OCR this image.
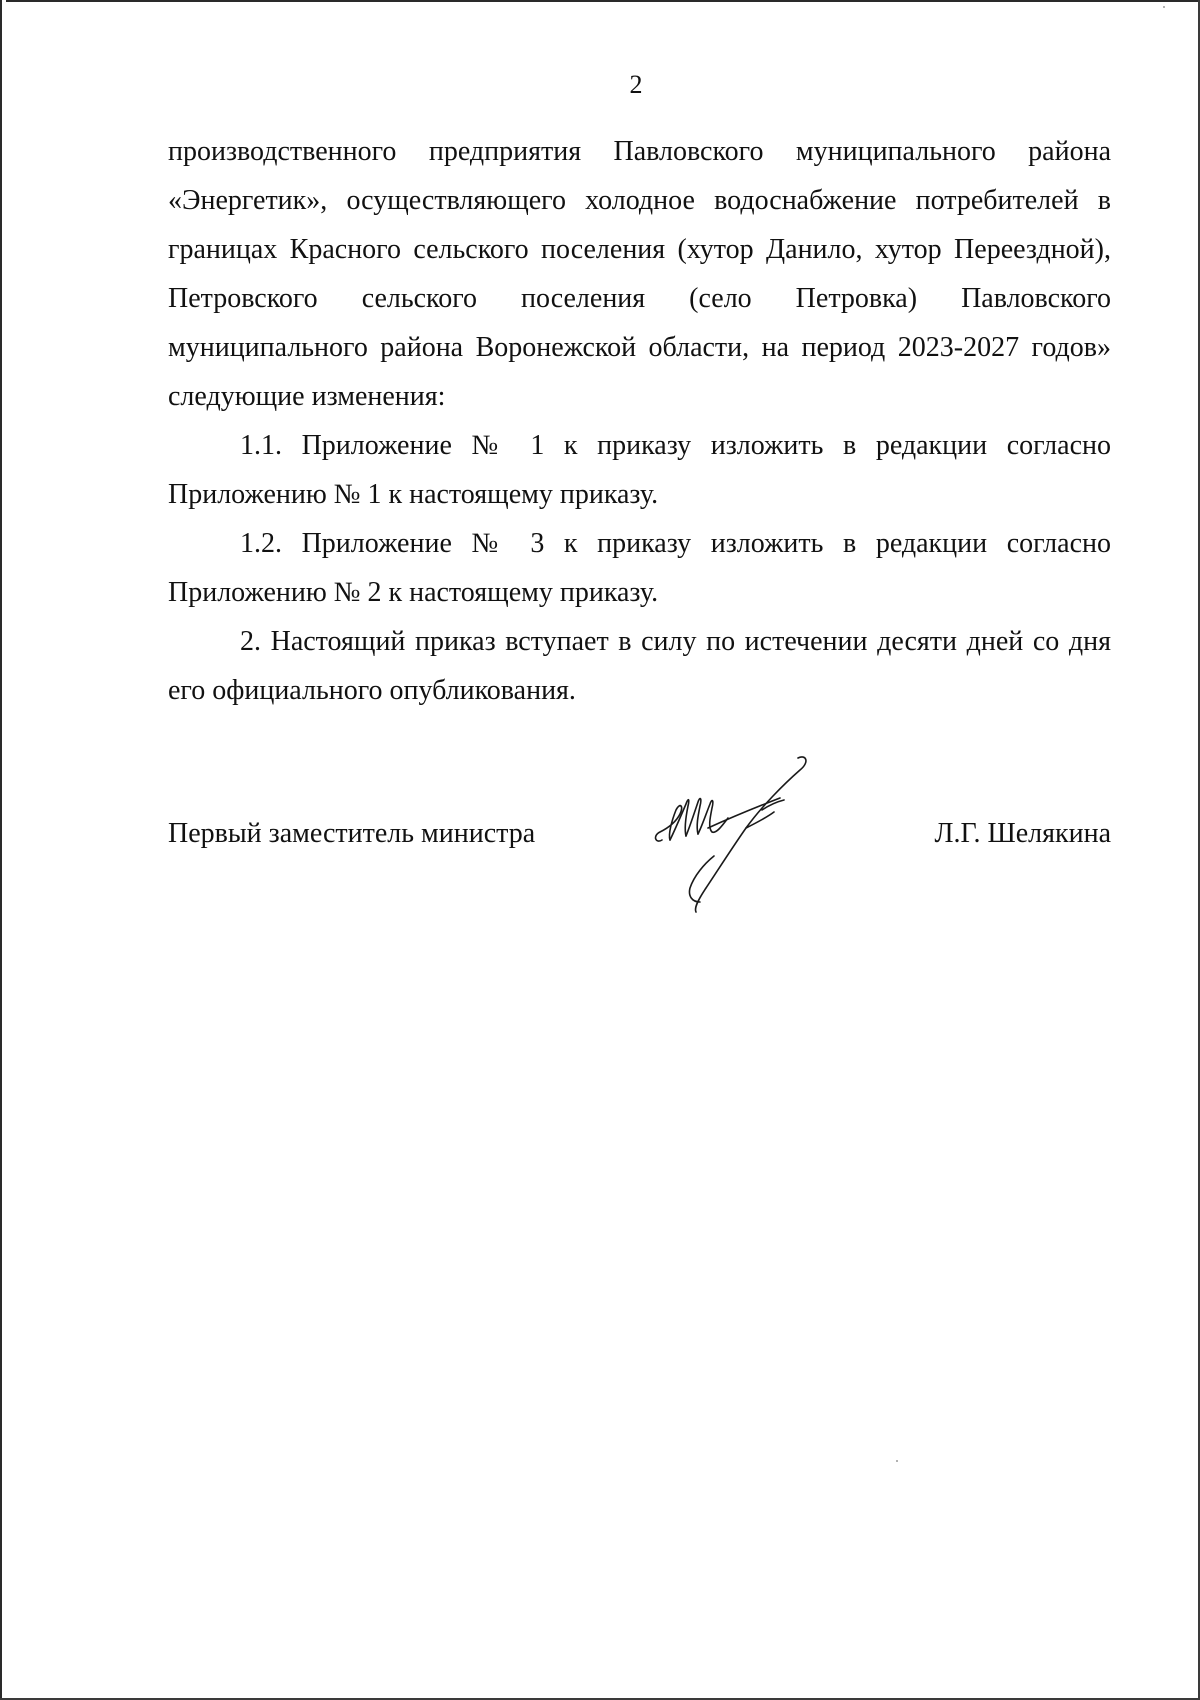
2

производственного предприятия Павловского муниципального района «Энергетик», осуществляющего холодное водоснабжение потребителей в границах Красного сельского поселения (хутор Данило, хутор Переездной), Петровского сельского поселения (село Петровка) Павловского муниципального района Воронежской области, на период 2023-2027 годов» следующие изменения:

1.1. Приложение № 1 к приказу изложить в редакции согласно Приложению № 1 к настоящему приказу.

1.2. Приложение № 3 к приказу изложить в редакции согласно Приложению № 2 к настоящему приказу.

2. Настоящий приказ вступает в силу по истечении десяти дней со дня его официального опубликования.

Первый заместитель министра	Л.Г. Шелякина
